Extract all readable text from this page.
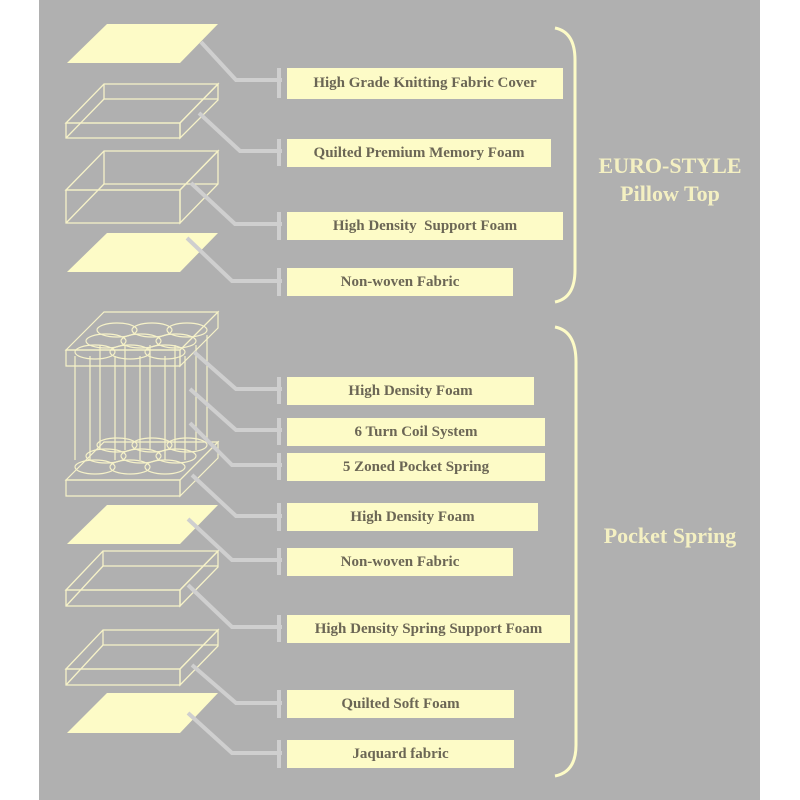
High Grade Knitting Fabric Cover
Quilted Premium Memory Foam
High Density  Support Foam
Non-woven Fabric
High Density Foam
6 Turn Coil System
5 Zoned Pocket Spring
High Density Foam
Non-woven Fabric
High Density Spring Support Foam
Quilted Soft Foam
Jaquard fabric
EURO-STYLE
Pillow Top
Pocket Spring
